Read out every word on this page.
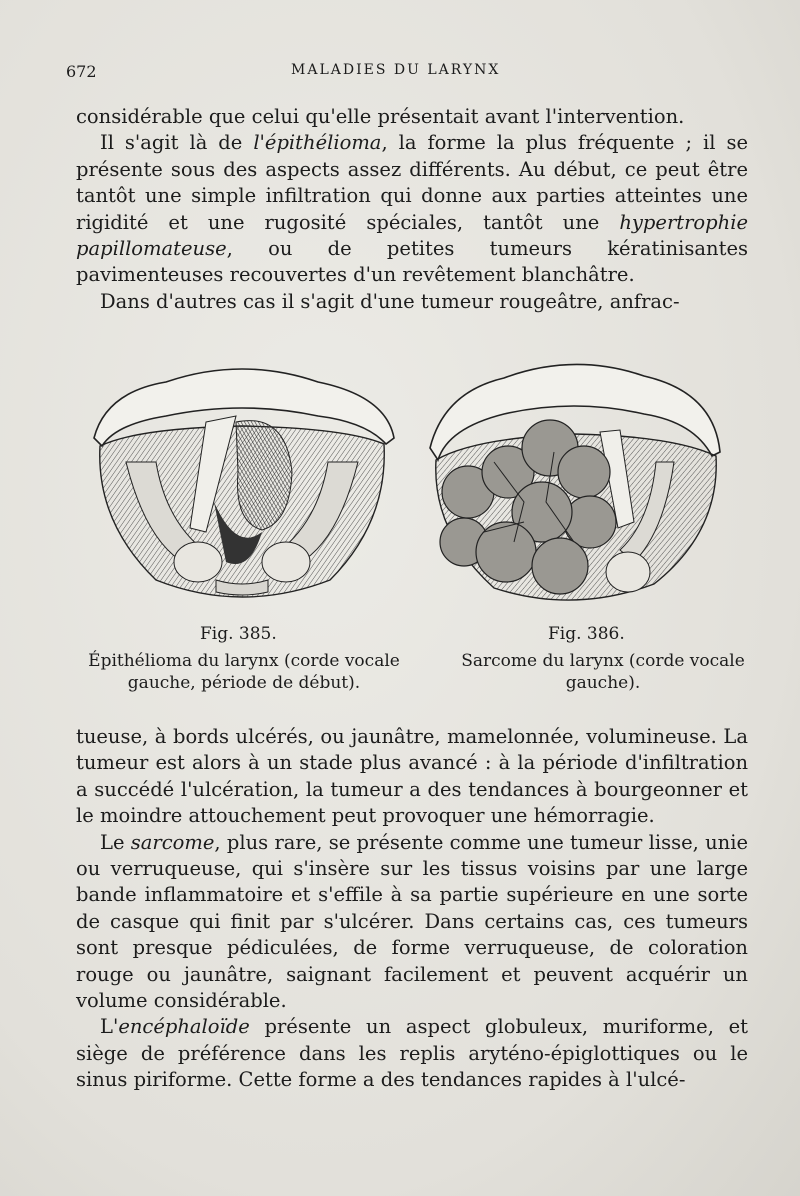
672	MALADIES DU LARYNX

considérable que celui qu'elle présentait avant l'intervention.

Il s'agit là de l'épithélioma, la forme la plus fréquente ; il se présente sous des aspects assez différents. Au début, ce peut être tantôt une simple infiltration qui donne aux parties atteintes une rigidité et une rugosité spéciales, tantôt une hypertrophie papillomateuse, ou de petites tumeurs kératinisantes pavimenteuses recouvertes d'un revêtement blanchâtre.

Dans d'autres cas il s'agit d'une tumeur rougeâtre, anfrac-

Fig. 385.	Fig. 386.
Épithélioma du larynx (corde vocale gauche, période de début).
Sarcome du larynx (corde vocale gauche).

tueuse, à bords ulcérés, ou jaunâtre, mamelonnée, volumineuse. La tumeur est alors à un stade plus avancé : à la période d'infiltration a succédé l'ulcération, la tumeur a des tendances à bourgeonner et le moindre attouchement peut provoquer une hémorragie.

Le sarcome, plus rare, se présente comme une tumeur lisse, unie ou verruqueuse, qui s'insère sur les tissus voisins par une large bande inflammatoire et s'effile à sa partie supérieure en une sorte de casque qui finit par s'ulcérer. Dans certains cas, ces tumeurs sont presque pédiculées, de forme verruqueuse, de coloration rouge ou jaunâtre, saignant facilement et peuvent acquérir un volume considérable.

L'encéphaloïde présente un aspect globuleux, muriforme, et siège de préférence dans les replis aryténo-épiglottiques ou le sinus piriforme. Cette forme a des tendances rapides à l'ulcé-
